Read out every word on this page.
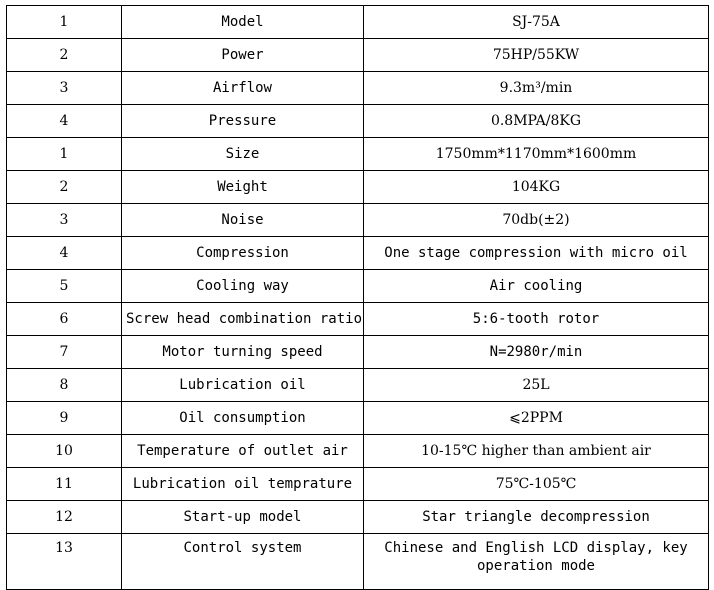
1	Model	SJ-75A
2	Power	75HP/55KW
3	Airflow	9.3m³/min
4	Pressure	0.8MPA/8KG
1	Size	1750mm*1170mm*1600mm
2	Weight	104KG
3	Noise	70db(±2)
4	Compression	One stage compression with micro oil
5	Cooling way	Air cooling
6	Screw head combination ratio	5:6-tooth rotor
7	Motor turning speed	N=2980r/min
8	Lubrication oil	25L
9	Oil consumption	⩽2PPM
10	Temperature of outlet air	10-15℃ higher than ambient air
11	Lubrication oil temprature	75℃-105℃
12	Start-up model	Star triangle decompression
13	Control system	Chinese and English LCD display, key operation mode
